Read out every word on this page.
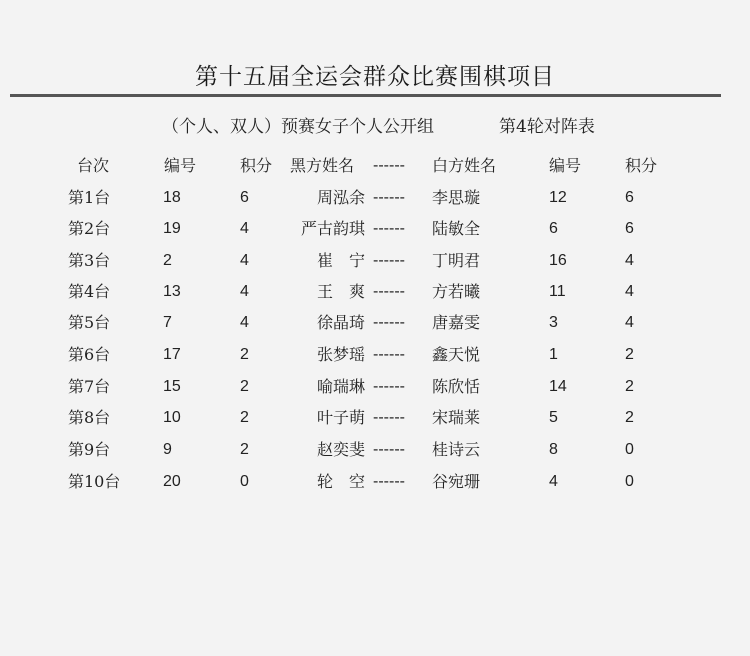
第十五届全运会群众比赛围棋项目
（个人、双人）预赛女子个人公开组	第4轮对阵表
台次	编号	积分 黑方姓名 ------ 白方姓名	编号	积分
第1台	18	6	周泓余 ------ 李思璇	12	6
第2台	19	4	严古韵琪 ------ 陆敏全	6	6
第3台	2	4	崔　宁 ------ 丁明君	16	4
第4台	13	4	王　爽 ------ 方若曦	11	4
第5台	7	4	徐晶琦 ------ 唐嘉雯	3	4
第6台	17	2	张梦瑶 ------ 鑫天悦	1	2
第7台	15	2	喻瑞琳 ------ 陈欣恬	14	2
第8台	10	2	叶子萌 ------ 宋瑞莱	5	2
第9台	9	2	赵奕斐 ------ 桂诗云	8	0
第10台	20	0	轮　空 ------ 谷宛珊	4	0
